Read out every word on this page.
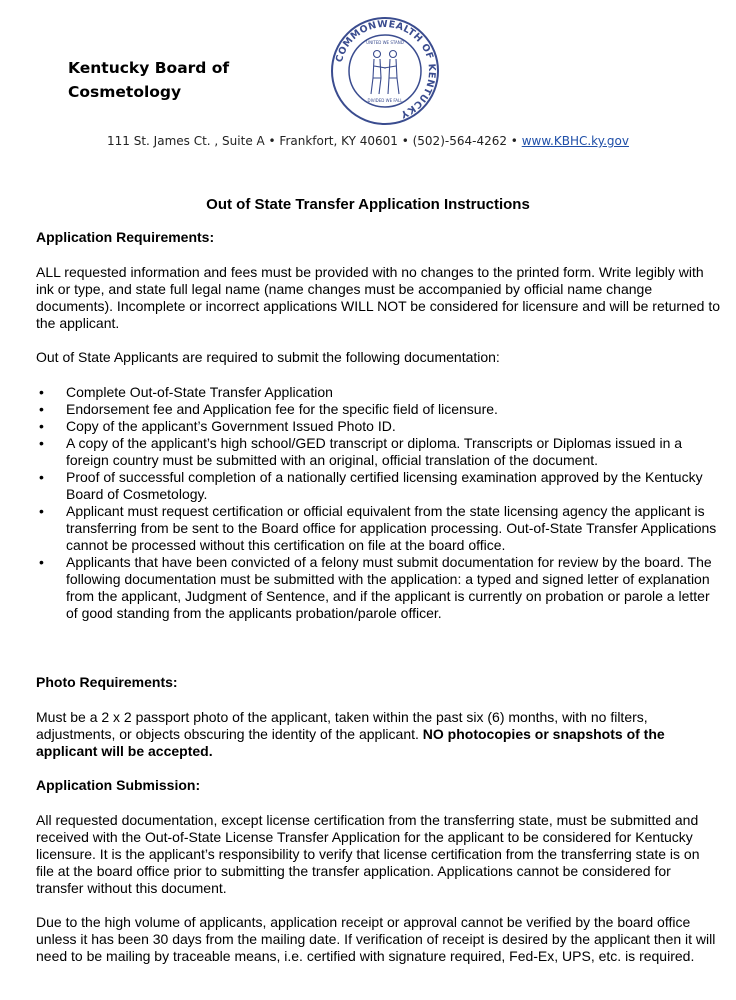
Kentucky Board of
Cosmetology
COMMONWEALTH OF KENTUCKY
UNITED WE STAND
DIVIDED WE FALL
111 St. James Ct. , Suite A • Frankfort, KY 40601 • (502)-564-4262 • www.KBHC.ky.gov
Out of State Transfer Application Instructions

Application Requirements:

ALL requested information and fees must be provided with no changes to the printed form. Write legibly with ink or type, and state full legal name (name changes must be accompanied by official name change documents). Incomplete or incorrect applications WILL NOT be considered for licensure and will be returned to the applicant.

Out of State Applicants are required to submit the following documentation:

• Complete Out-of-State Transfer Application
• Endorsement fee and Application fee for the specific field of licensure.
• Copy of the applicant’s Government Issued Photo ID.
• A copy of the applicant’s high school/GED transcript or diploma. Transcripts or Diplomas issued in a foreign country must be submitted with an original, official translation of the document.
• Proof of successful completion of a nationally certified licensing examination approved by the Kentucky Board of Cosmetology.
• Applicant must request certification or official equivalent from the state licensing agency the applicant is transferring from be sent to the Board office for application processing. Out-of-State Transfer Applications cannot be processed without this certification on file at the board office.
• Applicants that have been convicted of a felony must submit documentation for review by the board. The following documentation must be submitted with the application: a typed and signed letter of explanation from the applicant, Judgment of Sentence, and if the applicant is currently on probation or parole a letter of good standing from the applicants probation/parole officer.

Photo Requirements:

Must be a 2 x 2 passport photo of the applicant, taken within the past six (6) months, with no filters, adjustments, or objects obscuring the identity of the applicant. NO photocopies or snapshots of the applicant will be accepted.

Application Submission:

All requested documentation, except license certification from the transferring state, must be submitted and received with the Out-of-State License Transfer Application for the applicant to be considered for Kentucky licensure. It is the applicant’s responsibility to verify that license certification from the transferring state is on file at the board office prior to submitting the transfer application. Applications cannot be considered for transfer without this document.

Due to the high volume of applicants, application receipt or approval cannot be verified by the board office unless it has been 30 days from the mailing date. If verification of receipt is desired by the applicant then it will need to be mailing by traceable means, i.e. certified with signature required, Fed-Ex, UPS, etc. is required.
